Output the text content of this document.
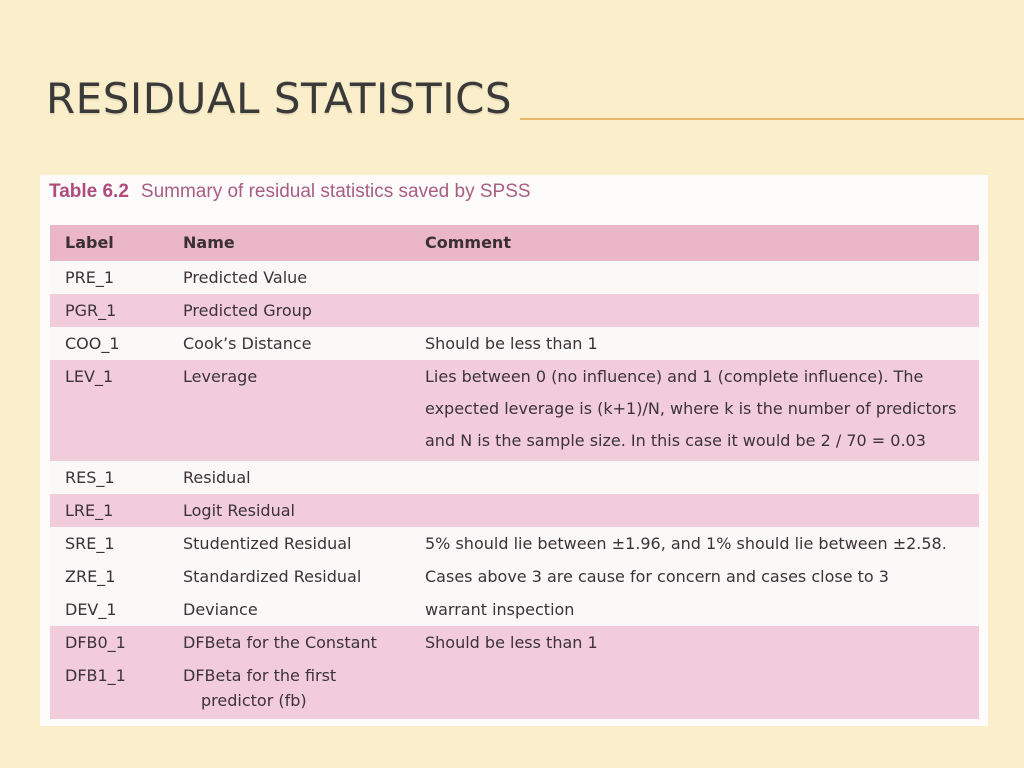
RESIDUAL STATISTICS
Table 6.2 Summary of residual statistics saved by SPSS
Label	Name	Comment
PRE_1	Predicted Value
PGR_1	Predicted Group
COO_1	Cook’s Distance	Should be less than 1
LEV_1	Leverage	Lies between 0 (no influence) and 1 (complete influence). The
expected leverage is (k+1)/N, where k is the number of predictors
and N is the sample size. In this case it would be 2 / 70 = 0.03
RES_1	Residual
LRE_1	Logit Residual
SRE_1	Studentized Residual	5% should lie between ±1.96, and 1% should lie between ±2.58.
ZRE_1	Standardized Residual	Cases above 3 are cause for concern and cases close to 3
DEV_1	Deviance	warrant inspection
DFB0_1	DFBeta for the Constant	Should be less than 1
DFB1_1	DFBeta for the first
predictor (fb)
